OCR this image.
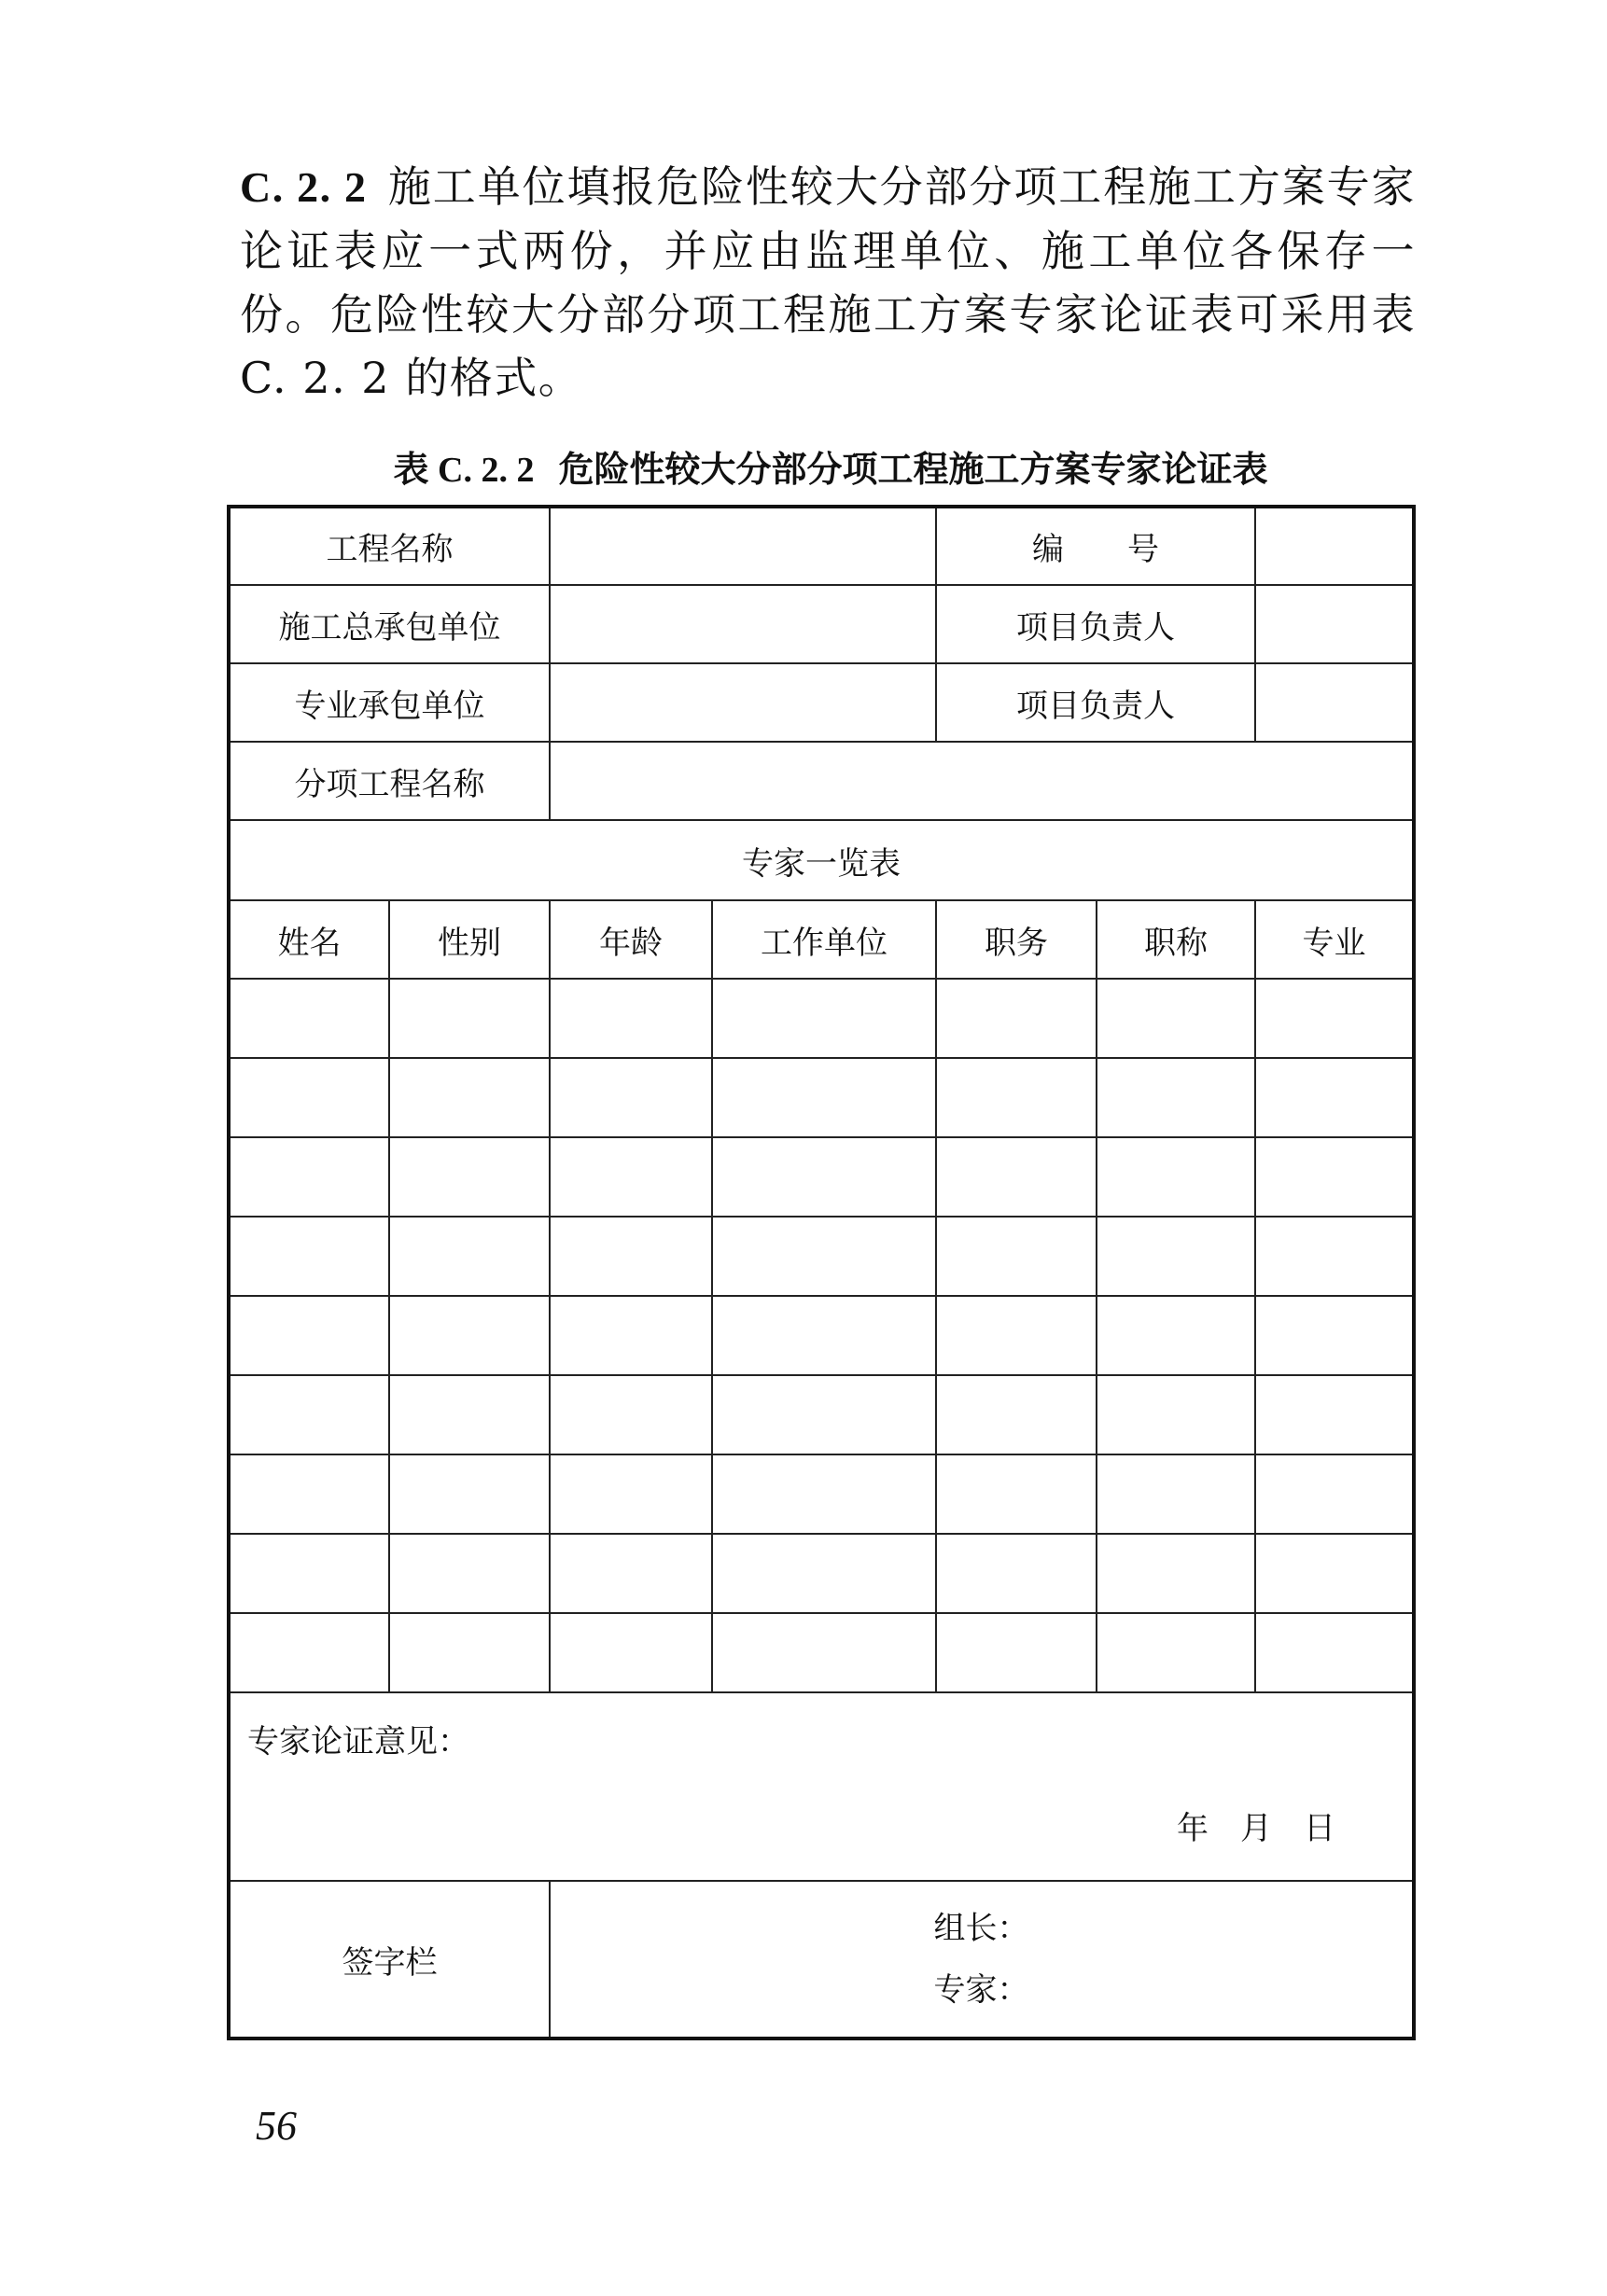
C. 2. 2 施工单位填报危险性较大分部分项工程施工方案专家论证表应一式两份，并应由监理单位、施工单位各保存一份。危险性较大分部分项工程施工方案专家论证表可采用表 C. 2. 2 的格式。

表 C. 2. 2 危险性较大分部分项工程施工方案专家论证表
工程名称				编　　号		
施工总承包单位				项目负责人		
专业承包单位				项目负责人		
分项工程名称						
专家一览表						
姓名	性别	年龄	工作单位	职务	职称	专业

专家论证意见：
年月日						

签字栏		组长：
专家：				
56
